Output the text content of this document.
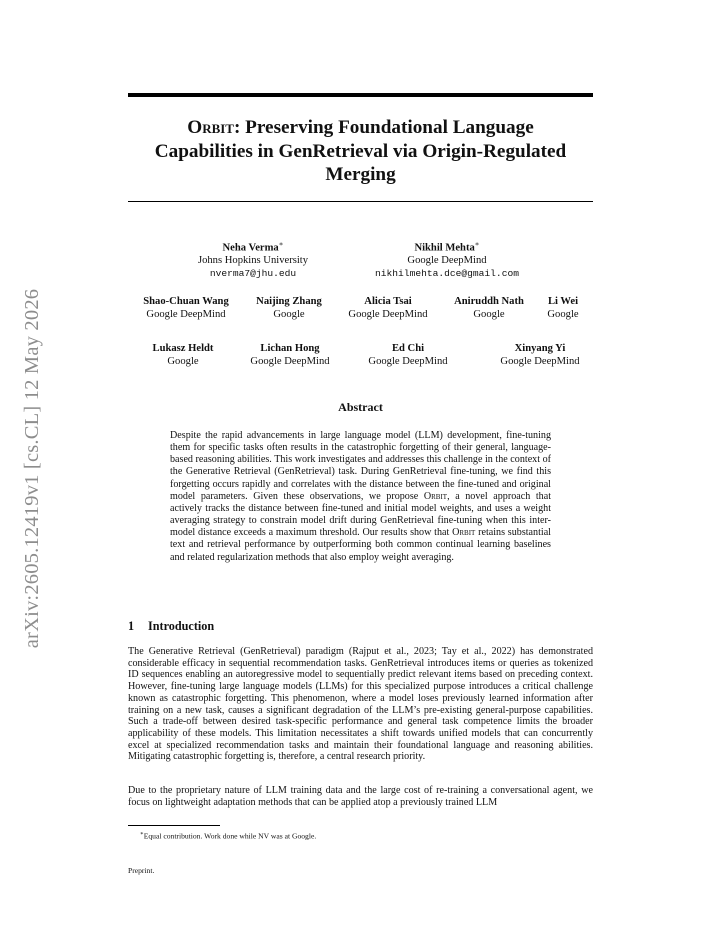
arXiv:2605.12419v1 [cs.CL] 12 May 2026
Orbit: Preserving Foundational Language
Capabilities in GenRetrieval via Origin-Regulated
Merging
Neha Verma∗
Johns Hopkins University
nverma7@jhu.edu
Nikhil Mehta∗
Google DeepMind
nikhilmehta.dce@gmail.com
Shao-Chuan Wang
Google DeepMind
Naijing Zhang
Google
Alicia Tsai
Google DeepMind
Aniruddh Nath
Google
Li Wei
Google
Lukasz Heldt
Google
Lichan Hong
Google DeepMind
Ed Chi
Google DeepMind
Xinyang Yi
Google DeepMind
Abstract

Despite the rapid advancements in large language model (LLM) development, fine-tuning them for specific tasks often results in the catastrophic forgetting of their general, language-based reasoning abilities. This work investigates and addresses this challenge in the context of the Generative Retrieval (GenRetrieval) task. During GenRetrieval fine-tuning, we find this forgetting occurs rapidly and correlates with the distance between the fine-tuned and original model parameters. Given these observations, we propose Orbit, a novel approach that actively tracks the distance between fine-tuned and initial model weights, and uses a weight averaging strategy to constrain model drift during GenRetrieval fine-tuning when this inter-model distance exceeds a maximum threshold. Our results show that Orbit retains substantial text and retrieval performance by outperforming both common continual learning baselines and related regularization methods that also employ weight averaging.

1 Introduction

The Generative Retrieval (GenRetrieval) paradigm (Rajput et al., 2023; Tay et al., 2022) has demonstrated considerable efficacy in sequential recommendation tasks. GenRetrieval introduces items or queries as tokenized ID sequences enabling an autoregressive model to sequentially predict relevant items based on preceding context. However, fine-tuning large language models (LLMs) for this specialized purpose introduces a critical challenge known as catastrophic forgetting. This phenomenon, where a model loses previously learned information after training on a new task, causes a significant degradation of the LLM’s pre-existing general-purpose capabilities. Such a trade-off between desired task-specific performance and general task competence limits the broader applicability of these models. This limitation necessitates a shift towards unified models that can concurrently excel at specialized recommendation tasks and maintain their foundational language and reasoning abilities. Mitigating catastrophic forgetting is, therefore, a central research priority.

Due to the proprietary nature of LLM training data and the large cost of re-training a conversational agent, we focus on lightweight adaptation methods that can be applied atop a previously trained LLM

∗Equal contribution. Work done while NV was at Google.

Preprint.
